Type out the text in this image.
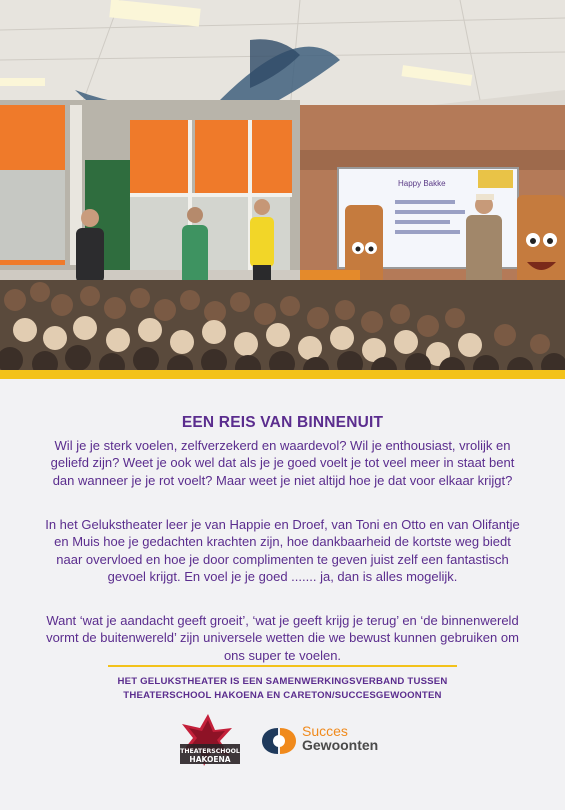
Happy Bakke
EEN REIS VAN BINNENUIT

Wil je je sterk voelen, zelfverzekerd en waardevol? Wil je enthousiast, vrolijk en geliefd zijn? Weet je ook wel dat als je je goed voelt je tot veel meer in staat bent dan wanneer je je rot voelt? Maar weet je niet altijd hoe je dat voor elkaar krijgt?

In het Gelukstheater leer je van Happie en Droef, van Toni en Otto en van Olifantje en Muis hoe je gedachten krachten zijn, hoe dankbaarheid de kortste weg biedt naar overvloed en hoe je door complimenten te geven juist zelf een fantastisch gevoel krijgt. En voel je je goed ....... ja, dan is alles mogelijk.

Want ‘wat je aandacht geeft groeit’, ‘wat je geeft krijg je terug’ en ‘de binnenwereld vormt de buitenwereld’ zijn universele wetten die we bewust kunnen gebruiken om ons super te voelen.

HET GELUKSTHEATER IS EEN SAMENWERKINGSVERBAND TUSSEN
THEATERSCHOOL HAKOENA EN CARETON/SUCCESGEWOONTEN
THEATERSCHOOL
HAKOENA
Succes
Gewoonten
